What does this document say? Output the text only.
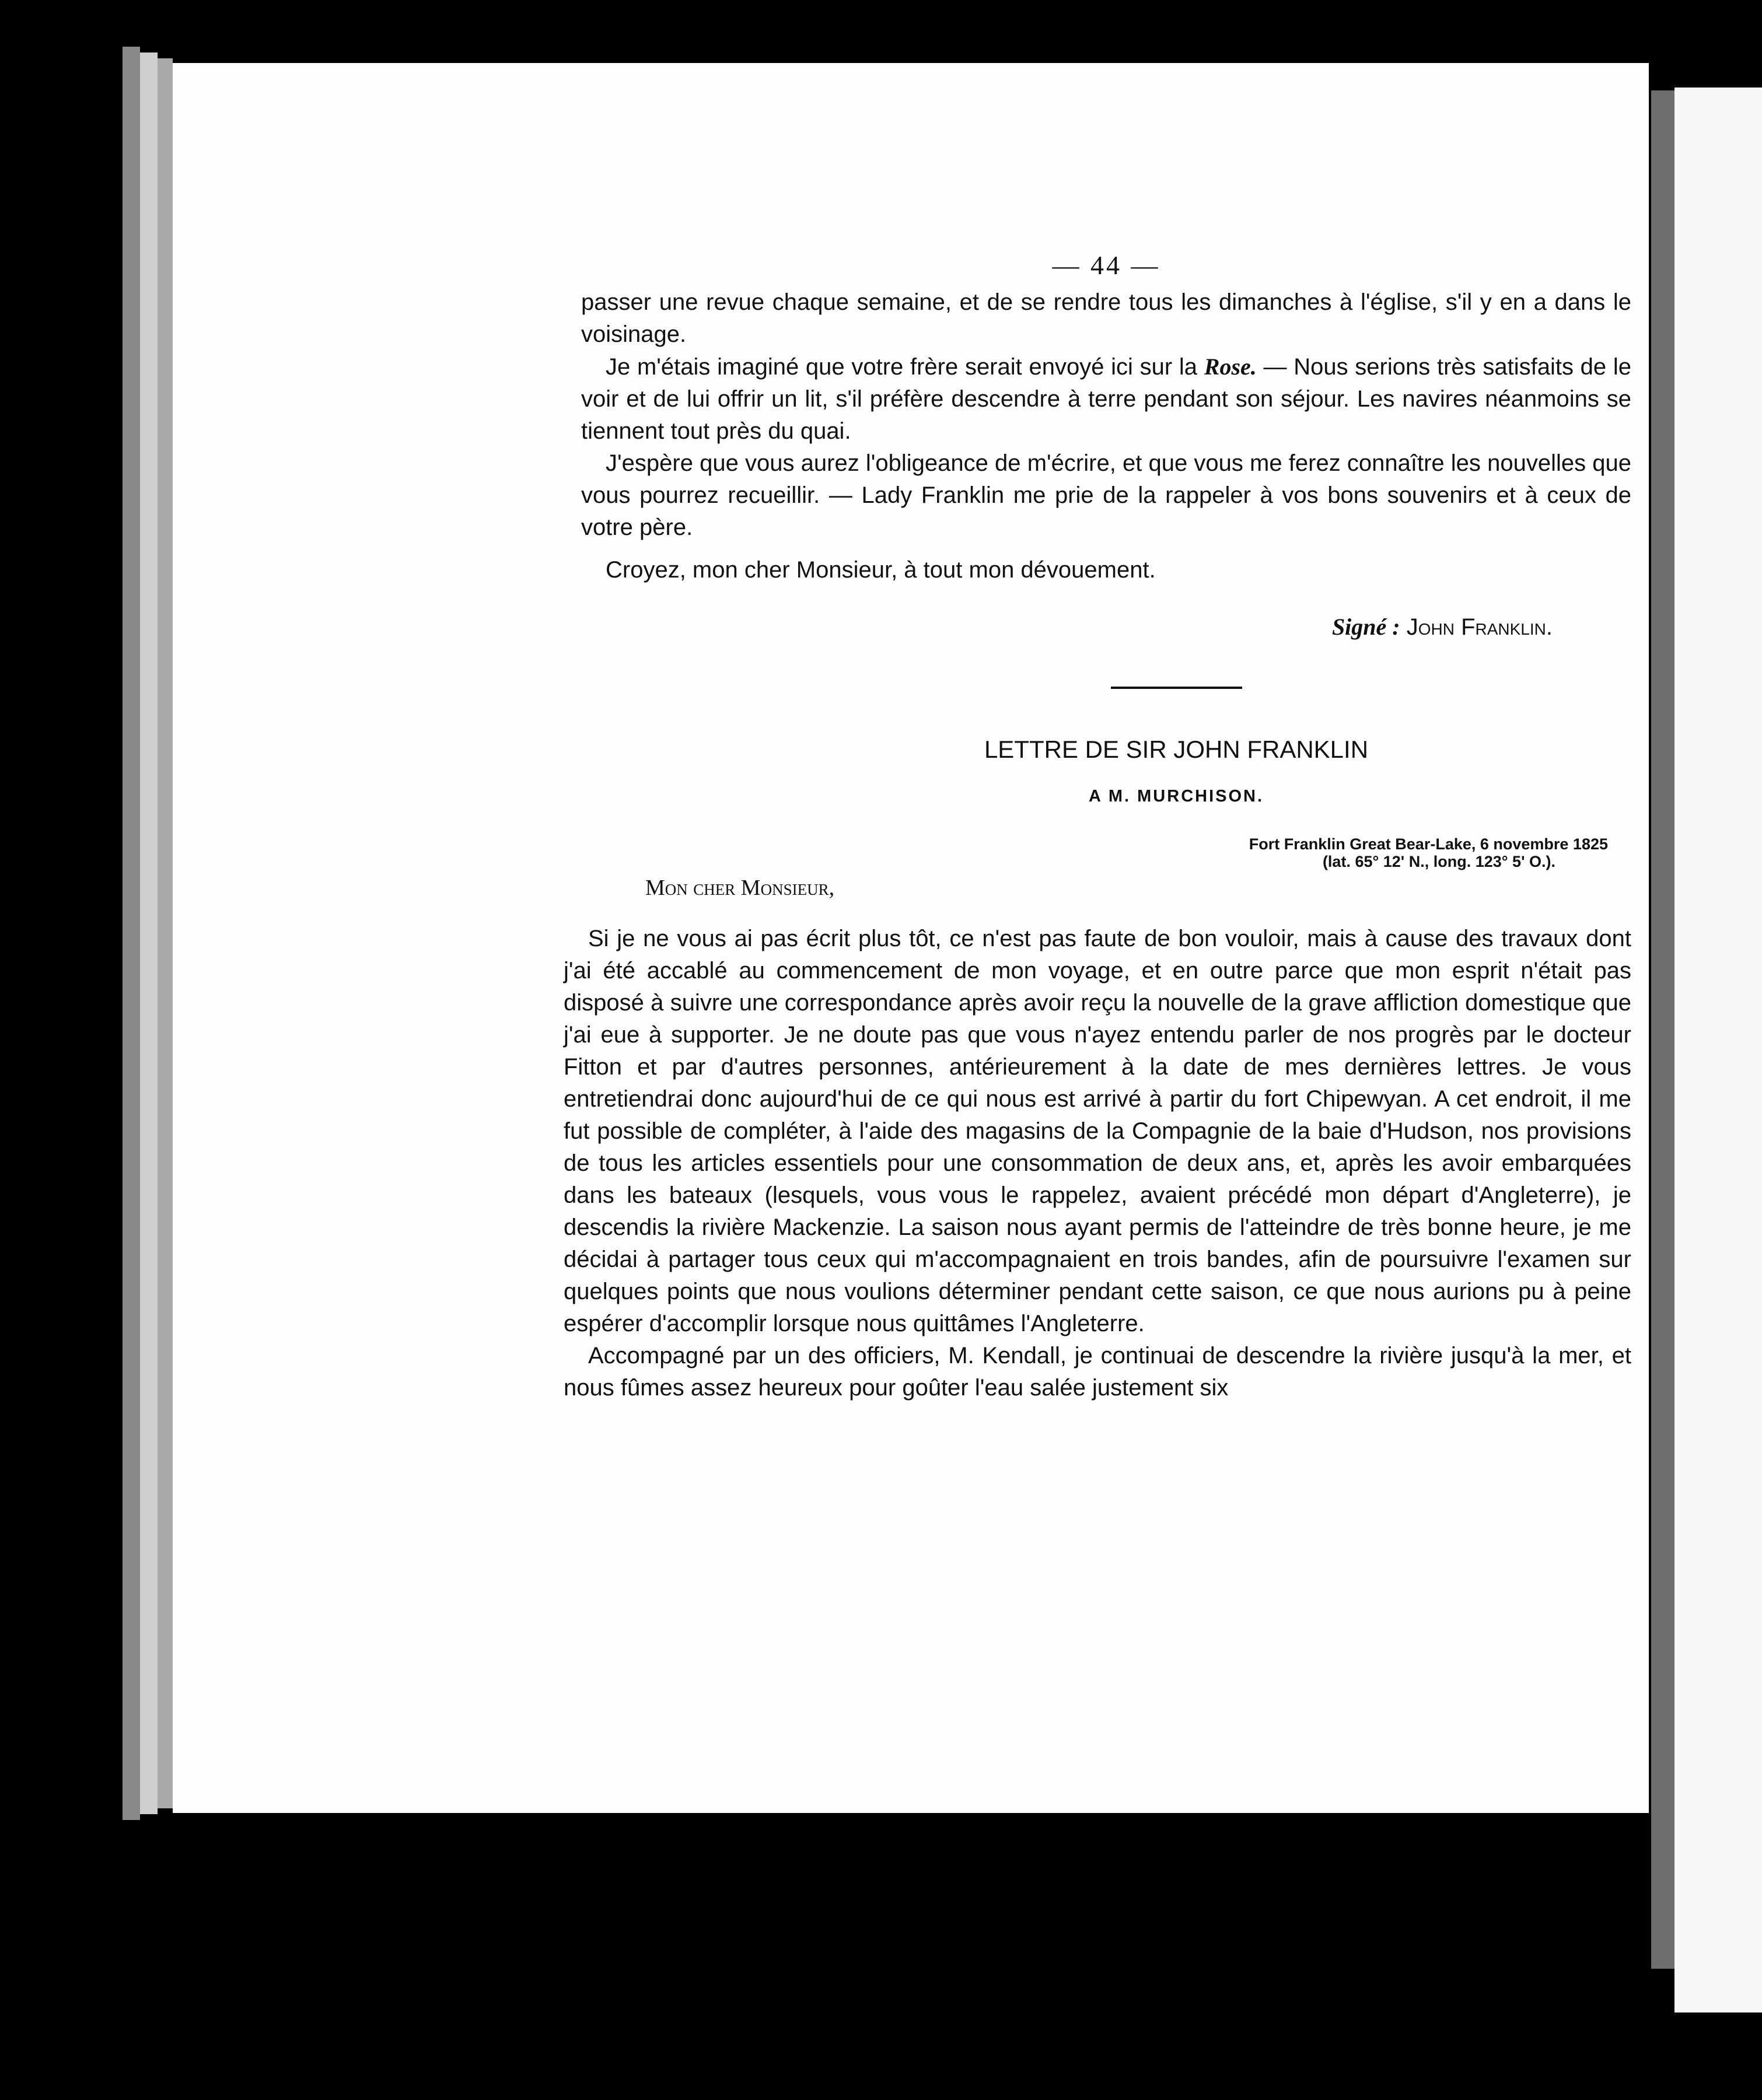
— 44 —

passer une revue chaque semaine, et de se rendre tous les dimanches à l'église, s'il y en a dans le voisinage.

Je m'étais imaginé que votre frère serait envoyé ici sur la Rose. — Nous serions très satisfaits de le voir et de lui offrir un lit, s'il préfère descendre à terre pendant son séjour. Les navires néanmoins se tiennent tout près du quai.

J'espère que vous aurez l'obligeance de m'écrire, et que vous me ferez connaître les nouvelles que vous pourrez recueillir. — Lady Franklin me prie de la rappeler à vos bons souvenirs et à ceux de votre père.

Croyez, mon cher Monsieur, à tout mon dévouement.

Signé : John Franklin.

LETTRE DE SIR JOHN FRANKLIN
A M. MURCHISON.
Fort Franklin Great Bear-Lake, 6 novembre 1825
(lat. 65° 12' N., long. 123° 5' O.).
Mon cher Monsieur,

Si je ne vous ai pas écrit plus tôt, ce n'est pas faute de bon vouloir, mais à cause des travaux dont j'ai été accablé au commencement de mon voyage, et en outre parce que mon esprit n'était pas disposé à suivre une correspondance après avoir reçu la nouvelle de la grave affliction domestique que j'ai eue à supporter. Je ne doute pas que vous n'ayez entendu parler de nos progrès par le docteur Fitton et par d'autres personnes, antérieurement à la date de mes dernières lettres. Je vous entretiendrai donc aujourd'hui de ce qui nous est arrivé à partir du fort Chipewyan. A cet endroit, il me fut possible de compléter, à l'aide des magasins de la Compagnie de la baie d'Hudson, nos provisions de tous les articles essentiels pour une consommation de deux ans, et, après les avoir embarquées dans les bateaux (lesquels, vous vous le rappelez, avaient précédé mon départ d'Angleterre), je descendis la rivière Mackenzie. La saison nous ayant permis de l'atteindre de très bonne heure, je me décidai à partager tous ceux qui m'accompagnaient en trois bandes, afin de poursuivre l'examen sur quelques points que nous voulions déterminer pendant cette saison, ce que nous aurions pu à peine espérer d'accomplir lorsque nous quittâmes l'Angleterre.

Accompagné par un des officiers, M. Kendall, je continuai de descendre la rivière jusqu'à la mer, et nous fûmes assez heureux pour goûter l'eau salée justement six
